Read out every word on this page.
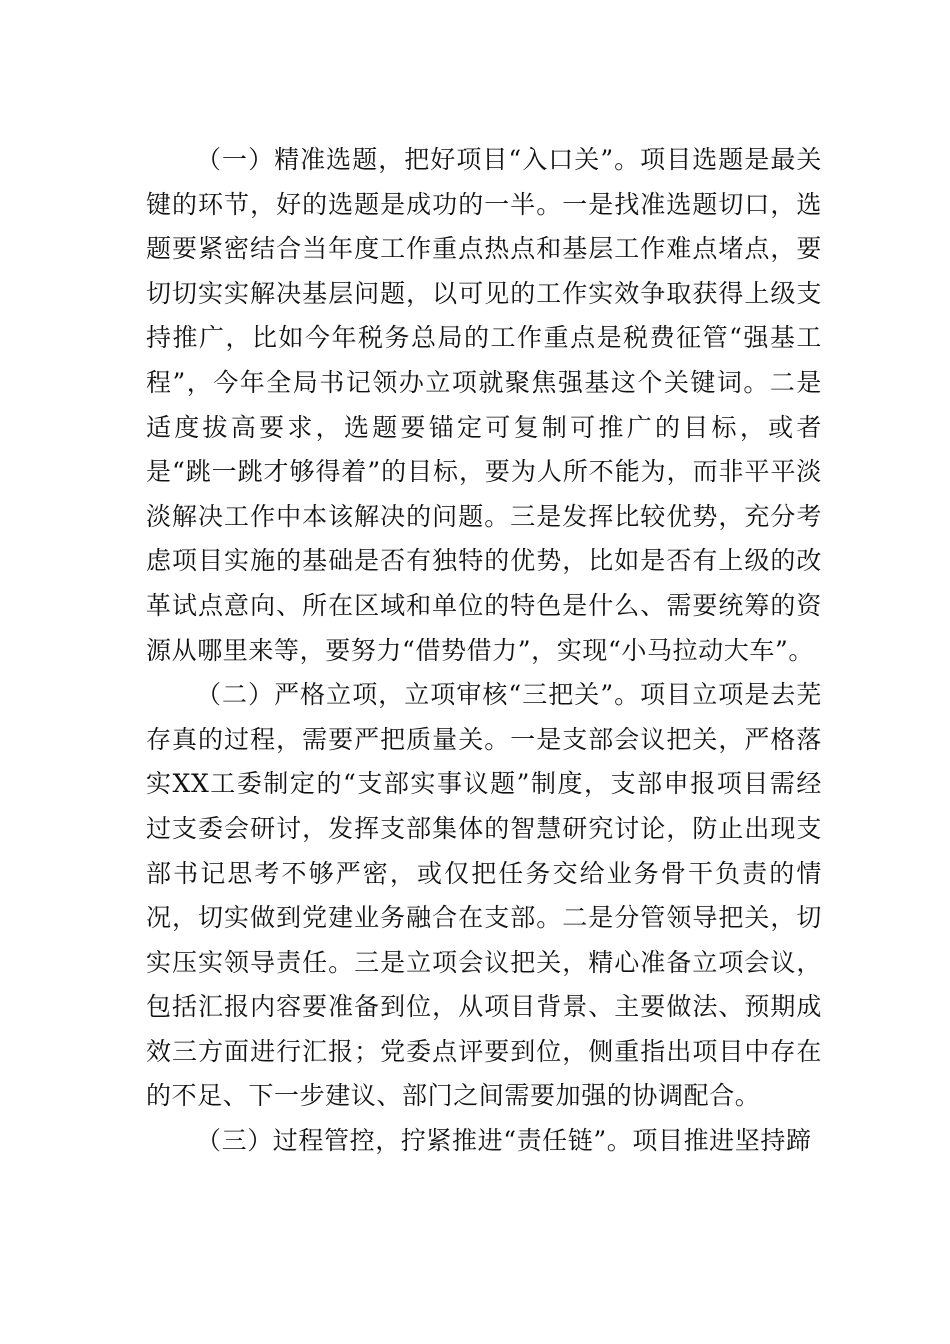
（一）精准选题，把好项目“入口关”。项目选题是最关键的环节，好的选题是成功的一半。一是找准选题切口，选题要紧密结合当年度工作重点热点和基层工作难点堵点，要切切实实解决基层问题，以可见的工作实效争取获得上级支持推广，比如今年税务总局的工作重点是税费征管“强基工程”，今年全局书记领办立项就聚焦强基这个关键词。二是适度拔高要求，选题要锚定可复制可推广的目标，或者是“跳一跳才够得着”的目标，要为人所不能为，而非平平淡淡解决工作中本该解决的问题。三是发挥比较优势，充分考虑项目实施的基础是否有独特的优势，比如是否有上级的改革试点意向、所在区域和单位的特色是什么、需要统筹的资源从哪里来等，要努力“借势借力”，实现“小马拉动大车”。

（二）严格立项，立项审核“三把关”。项目立项是去芜存真的过程，需要严把质量关。一是支部会议把关，严格落实XX工委制定的“支部实事议题”制度，支部申报项目需经过支委会研讨，发挥支部集体的智慧研究讨论，防止出现支部书记思考不够严密，或仅把任务交给业务骨干负责的情况，切实做到党建业务融合在支部。二是分管领导把关，切实压实领导责任。三是立项会议把关，精心准备立项会议，包括汇报内容要准备到位，从项目背景、主要做法、预期成效三方面进行汇报；党委点评要到位，侧重指出项目中存在的不足、下一步建议、部门之间需要加强的协调配合。

（三）过程管控，拧紧推进“责任链”。项目推进坚持蹄
